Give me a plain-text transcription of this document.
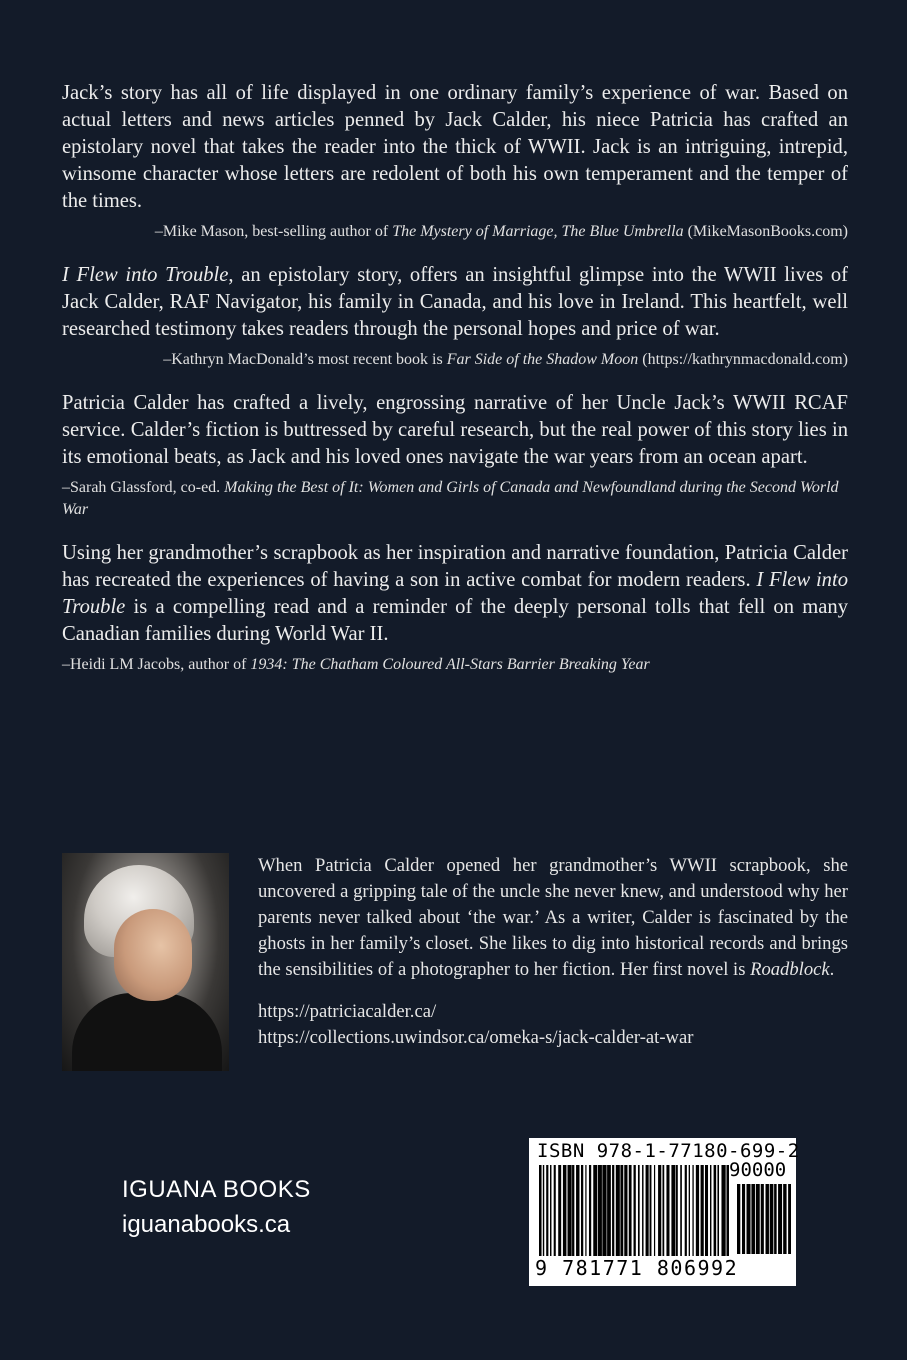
Jack’s story has all of life displayed in one ordinary family’s experience of war. Based on actual letters and news articles penned by Jack Calder, his niece Patricia has crafted an epistolary novel that takes the reader into the thick of WWII. Jack is an intriguing, intrepid, winsome character whose letters are redolent of both his own temperament and the temper of the times.

–Mike Mason, best-selling author of The Mystery of Marriage, The Blue Umbrella (MikeMasonBooks.com)

I Flew into Trouble, an epistolary story, offers an insightful glimpse into the WWII lives of Jack Calder, RAF Navigator, his family in Canada, and his love in Ireland. This heartfelt, well researched testimony takes readers through the personal hopes and price of war.

–Kathryn MacDonald’s most recent book is Far Side of the Shadow Moon (https://kathrynmacdonald.com)

Patricia Calder has crafted a lively, engrossing narrative of her Uncle Jack’s WWII RCAF service. Calder’s fiction is buttressed by careful research, but the real power of this story lies in its emotional beats, as Jack and his loved ones navigate the war years from an ocean apart.

–Sarah Glassford, co-ed. Making the Best of It: Women and Girls of Canada and Newfoundland during the Second World War

Using her grandmother’s scrapbook as her inspiration and narrative foundation, Patricia Calder has recreated the experiences of having a son in active combat for modern readers. I Flew into Trouble is a compelling read and a reminder of the deeply personal tolls that fell on many Canadian families during World War II.

–Heidi LM Jacobs, author of 1934: The Chatham Coloured All-Stars Barrier Breaking Year

When Patricia Calder opened her grandmother’s WWII scrapbook, she uncovered a gripping tale of the uncle she never knew, and understood why her parents never talked about ‘the war.’ As a writer, Calder is fascinated by the ghosts in her family’s closet. She likes to dig into historical records and brings the sensibilities of a photographer to her fiction. Her first novel is Roadblock.

https://patriciacalder.ca/
https://collections.uwindsor.ca/omeka-s/jack-calder-at-war
IGUANA BOOKS
iguanabooks.ca
ISBN 978-1-77180-699-2
90000
9 781771 806992
